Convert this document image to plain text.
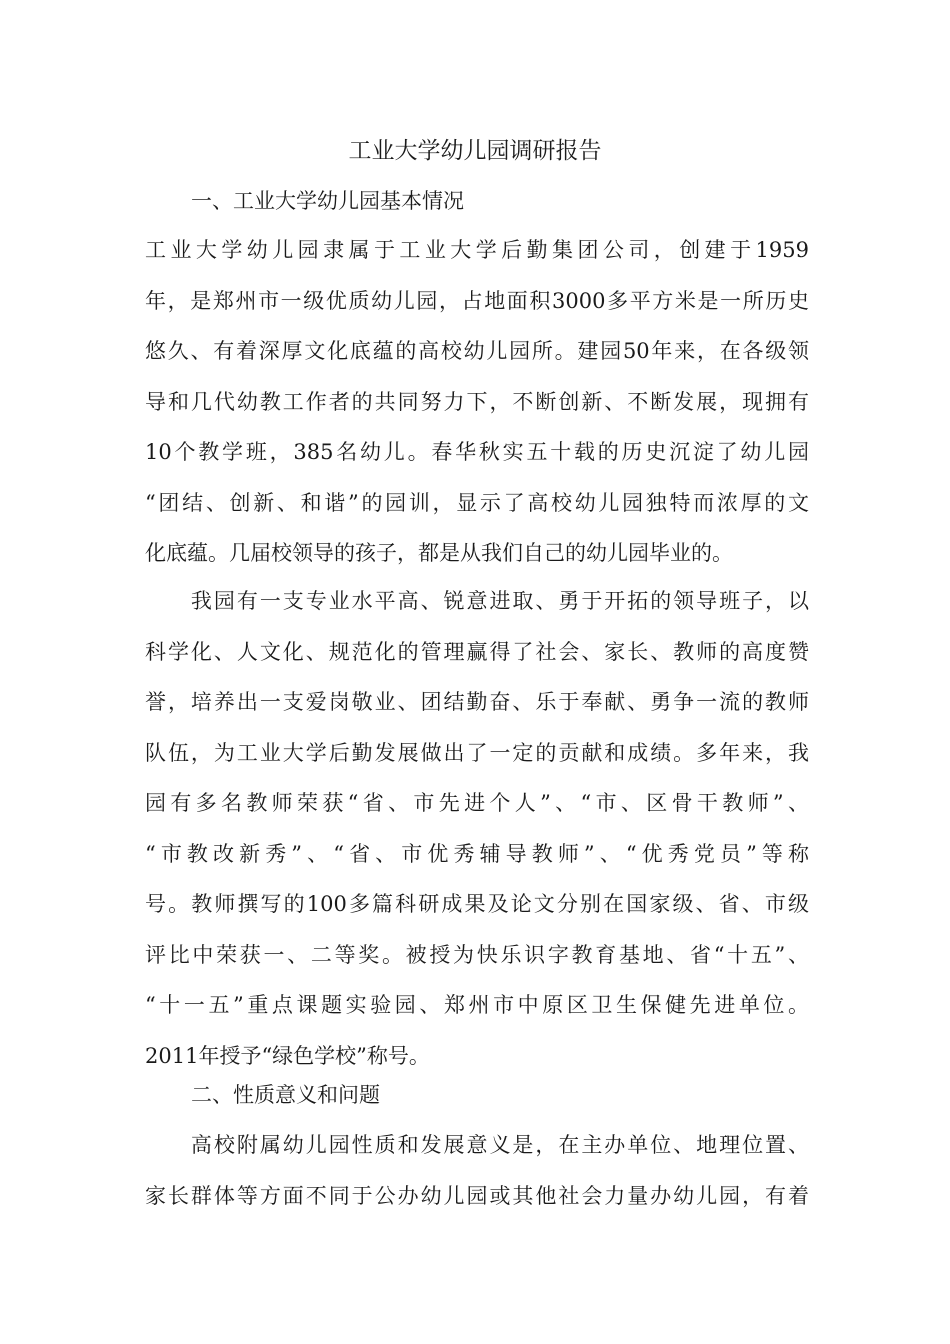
工业大学幼儿园调研报告

一、工业大学幼儿园基本情况

工业大学幼儿园隶属于工业大学后勤集团公司，创建于1959
年，是郑州市一级优质幼儿园，占地面积3000多平方米是一所历史
悠久、有着深厚文化底蕴的高校幼儿园所。建园50年来，在各级领
导和几代幼教工作者的共同努力下，不断创新、不断发展，现拥有
10个教学班，385名幼儿。春华秋实五十载的历史沉淀了幼儿园
“团结、创新、和谐”的园训，显示了高校幼儿园独特而浓厚的文
化底蕴。几届校领导的孩子，都是从我们自己的幼儿园毕业的。
　　我园有一支专业水平高、锐意进取、勇于开拓的领导班子，以
科学化、人文化、规范化的管理赢得了社会、家长、教师的高度赞
誉，培养出一支爱岗敬业、团结勤奋、乐于奉献、勇争一流的教师
队伍，为工业大学后勤发展做出了一定的贡献和成绩。多年来，我
园有多名教师荣获“省、市先进个人”、“市、区骨干教师”、
“市教改新秀”、“省、市优秀辅导教师”、“优秀党员”等称
号。教师撰写的100多篇科研成果及论文分别在国家级、省、市级
评比中荣获一、二等奖。被授为快乐识字教育基地、省“十五”、
“十一五”重点课题实验园、郑州市中原区卫生保健先进单位。
2011年授予“绿色学校”称号。

二、性质意义和问题

　　高校附属幼儿园性质和发展意义是，在主办单位、地理位置、
家长群体等方面不同于公办幼儿园或其他社会力量办幼儿园，有着
